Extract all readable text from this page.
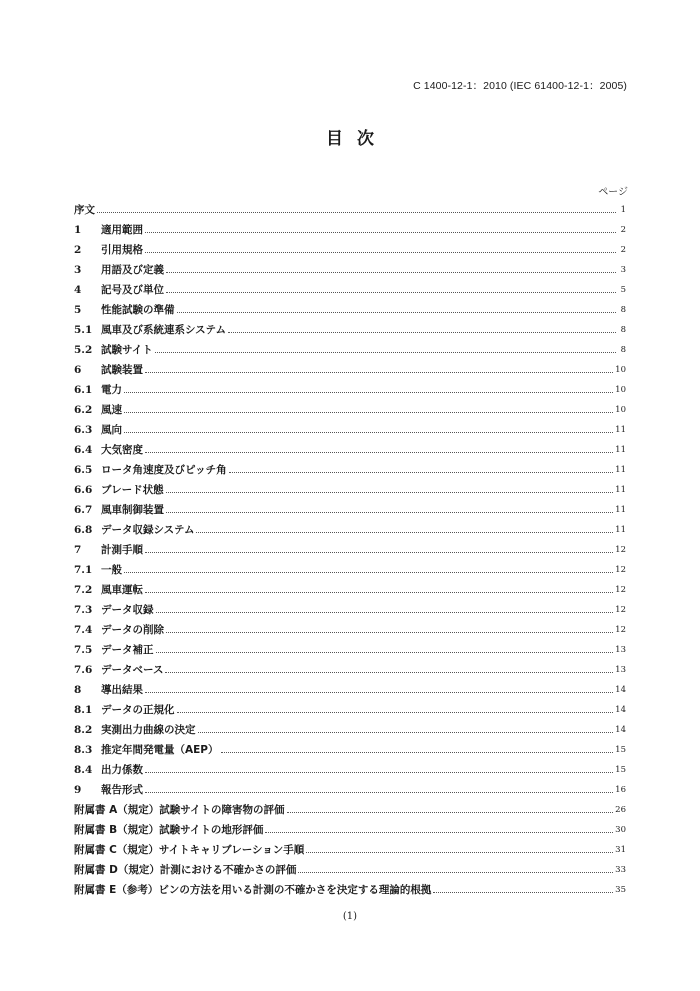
C 1400-12-1：2010 (IEC 61400-12-1：2005)
目次
ページ
序文	1
1	適用範囲	2
2	引用規格	2
3	用語及び定義	3
4	記号及び単位	5
5	性能試験の準備	8
5.1 風車及び系統連系システム	8
5.2 試験サイト	8
6	試験装置	10
6.1 電力	10
6.2 風速	10
6.3 風向	11
6.4 大気密度	11
6.5 ロータ角速度及びピッチ角	11
6.6 ブレード状態	11
6.7 風車制御装置	11
6.8 データ収録システム	11
7	計測手順	12
7.1 一般	12
7.2 風車運転	12
7.3 データ収録	12
7.4 データの削除	12
7.5 データ補正	13
7.6 データベース	13
8	導出結果	14
8.1 データの正規化	14
8.2 実測出力曲線の決定	14
8.3 推定年間発電量（AEP）	15
8.4 出力係数	15
9	報告形式	16
附属書 A（規定）試験サイトの障害物の評価	26
附属書 B（規定）試験サイトの地形評価	30
附属書 C（規定）サイトキャリブレーション手順	31
附属書 D（規定）計測における不確かさの評価	33
附属書 E（参考）ビンの方法を用いる計測の不確かさを決定する理論的根拠	35
(1)
